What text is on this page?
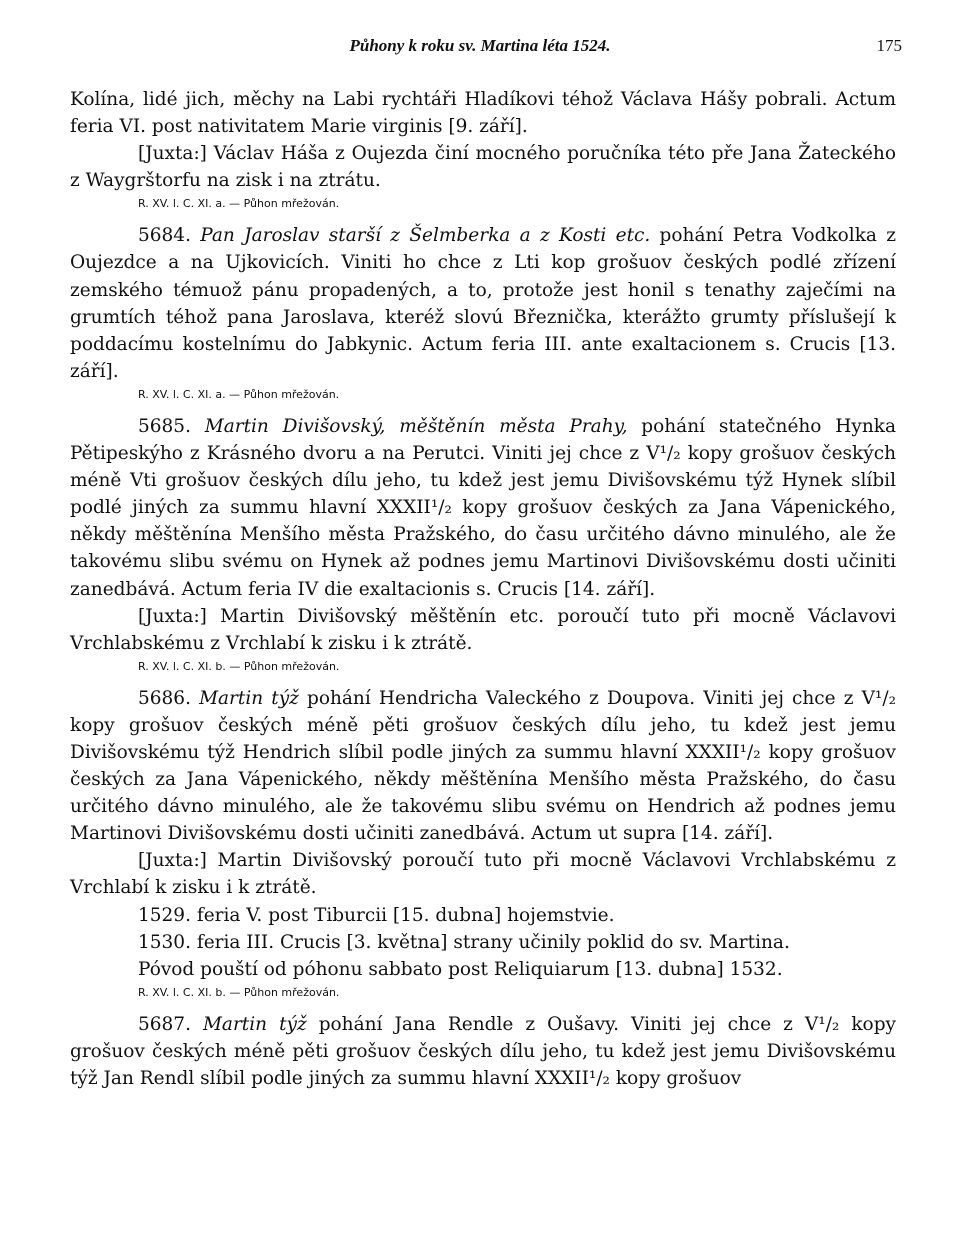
Půhony k roku sv. Martina léta 1524.	175

Kolína, lidé jich, měchy na Labi rychtáři Hladíkovi téhož Václava Hášy pobrali. Actum feria VI. post nativitatem Marie virginis [9. září].

[Juxta:] Václav Háša z Oujezda činí mocného poručníka této pře Jana Žateckého z Waygrštorfu na zisk i na ztrátu.

R. XV. l. C. XI. a. — Půhon mřežován.

5684. Pan Jaroslav starší z Šelmberka a z Kosti etc. pohání Petra Vodkolka z Oujezdce a na Ujkovicích. Viniti ho chce z Lti kop grošuov českých podlé zřízení zemského témuož pánu propadených, a to, protože jest honil s tenathy zaječími na grumtích téhož pana Jaroslava, kteréž slovú Březnička, kterážto grumty příslušejí k poddacímu kostelnímu do Jabkynic. Actum feria III. ante exaltacionem s. Crucis [13. září].

R. XV. l. C. XI. a. — Půhon mřežován.

5685. Martin Divišovský, měštěnín města Prahy, pohání statečného Hynka Pětipeskýho z Krásného dvoru a na Perutci. Viniti jej chce z V¹/₂ kopy grošuov českých méně Vti grošuov českých dílu jeho, tu kdež jest jemu Divišovskému týž Hynek slíbil podlé jiných za summu hlavní XXXII¹/₂ kopy grošuov českých za Jana Vápenického, někdy měštěnína Menšího města Pražského, do času určitého dávno minulého, ale že takovému slibu svému on Hynek až podnes jemu Martinovi Divišovskému dosti učiniti zanedbává. Actum feria IV die exaltacionis s. Crucis [14. září].

[Juxta:] Martin Divišovský měštěnín etc. poroučí tuto při mocně Václavovi Vrchlabskému z Vrchlabí k zisku i k ztrátě.

R. XV. l. C. XI. b. — Půhon mřežován.

5686. Martin týž pohání Hendricha Valeckého z Doupova. Viniti jej chce z V¹/₂ kopy grošuov českých méně pěti grošuov českých dílu jeho, tu kdež jest jemu Divišovskému týž Hendrich slíbil podle jiných za summu hlavní XXXII¹/₂ kopy grošuov českých za Jana Vápenického, někdy měštěnína Menšího města Pražského, do času určitého dávno minulého, ale že takovému slibu svému on Hendrich až podnes jemu Martinovi Divišovskému dosti učiniti zanedbává. Actum ut supra [14. září].

[Juxta:] Martin Divišovský poroučí tuto při mocně Václavovi Vrchlabskému z Vrchlabí k zisku i k ztrátě.

1529. feria V. post Tiburcii [15. dubna] hojemstvie.

1530. feria III. Crucis [3. května] strany učinily poklid do sv. Martina.

Póvod pouští od póhonu sabbato post Reliquiarum [13. dubna] 1532.

R. XV. l. C. XI. b. — Půhon mřežován.

5687. Martin týž pohání Jana Rendle z Oušavy. Viniti jej chce z V¹/₂ kopy grošuov českých méně pěti grošuov českých dílu jeho, tu kdež jest jemu Divišovskému týž Jan Rendl slíbil podle jiných za summu hlavní XXXII¹/₂ kopy grošuov
